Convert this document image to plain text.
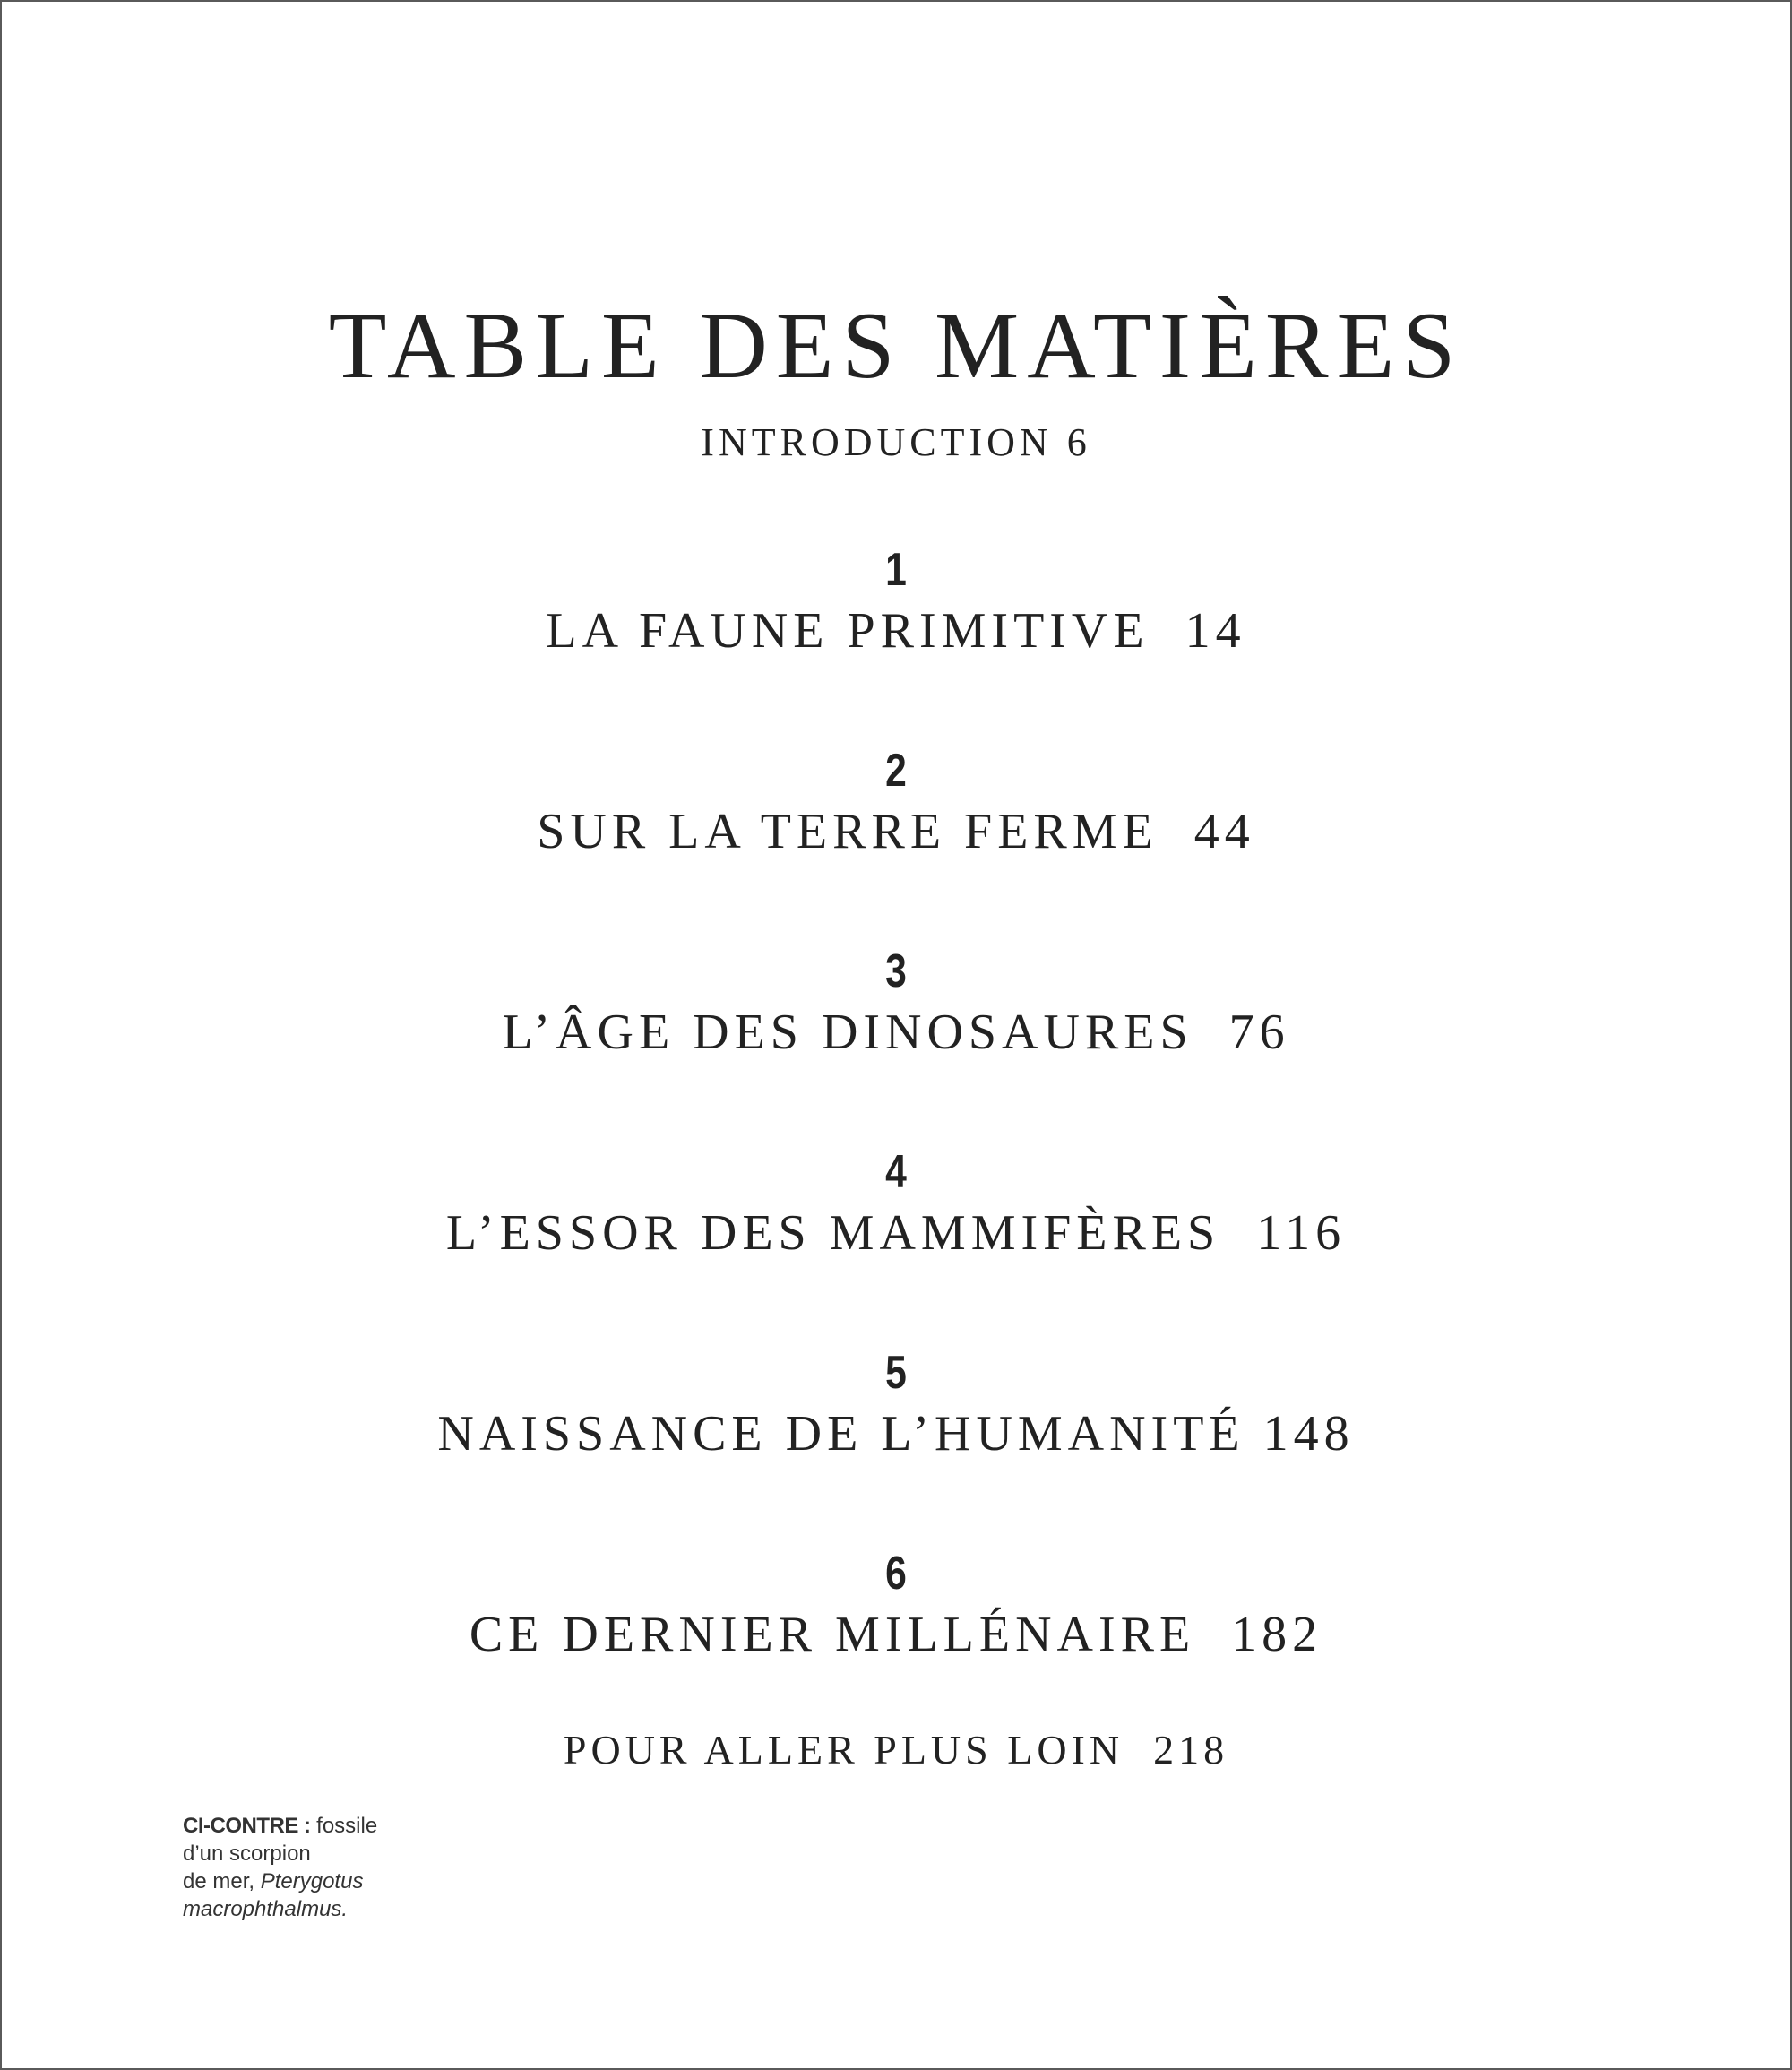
TABLE DES MATIÈRES
INTRODUCTION 6
1
LA FAUNE PRIMITIVE  14
2
SUR LA TERRE FERME  44
3
L’ÂGE DES DINOSAURES  76
4
L’ESSOR DES MAMMIFÈRES  116
5
NAISSANCE DE L’HUMANITÉ 148
6
CE DERNIER MILLÉNAIRE  182
POUR ALLER PLUS LOIN  218
CI-CONTRE : fossile
d’un scorpion
de mer, Pterygotus
macrophthalmus.
